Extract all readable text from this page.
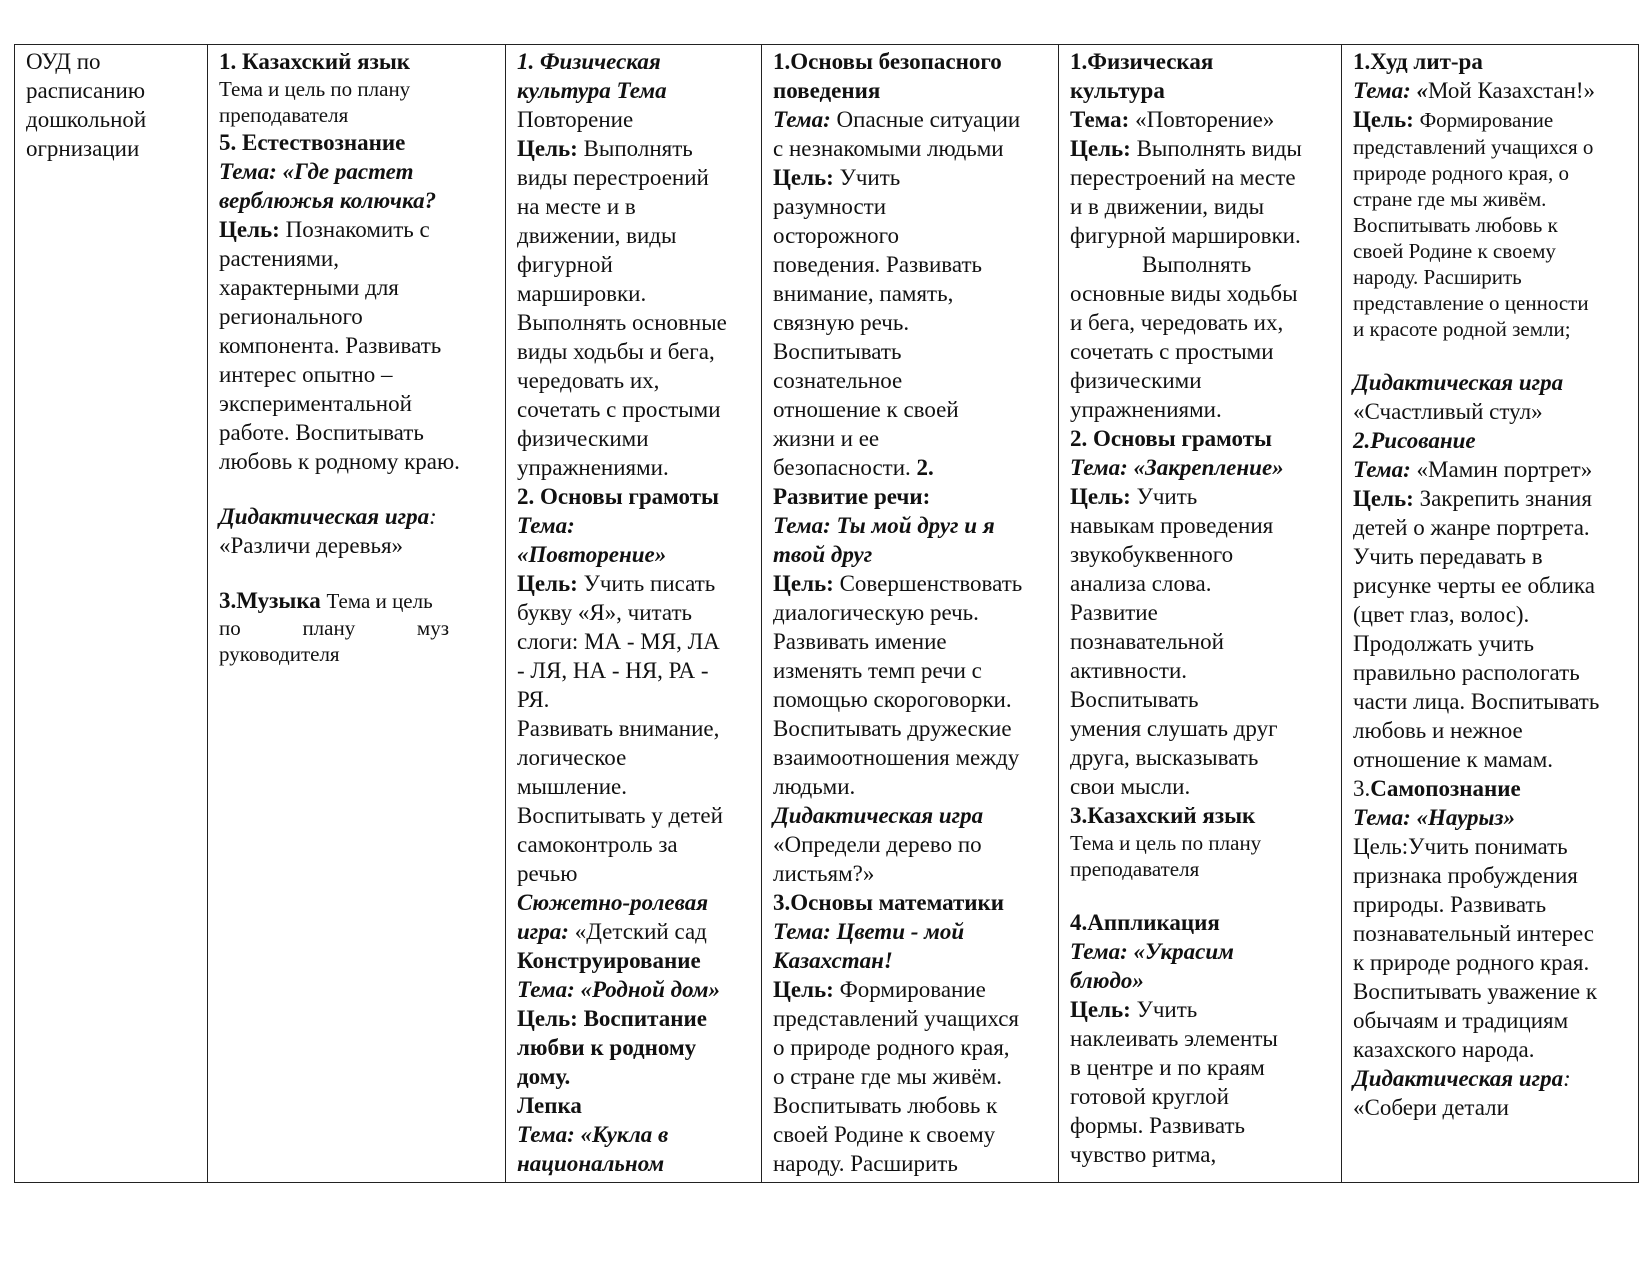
ОУД по
расписанию
дошкольной
огрнизации

1. Казахский язык
Тема и цель по плану
преподавателя
5. Естествознание
Тема: «Где растет
верблюжья колючка?
Цель: Познакомить с
растениями,
характерными для
регионального
компонента. Развивать
интерес опытно –
экспериментальной
работе. Воспитывать
любовь к родному краю.
Дидактическая игра:
«Различи деревья»
3.Музыка Тема и цель
по	плану	муз
руководителя

1. Физическая
культура Тема
Повторение
Цель: Выполнять
виды перестроений
на месте и в
движении, виды
фигурной
маршировки.
Выполнять основные
виды ходьбы и бега,
чередовать их,
сочетать с простыми
физическими
упражнениями.
2. Основы грамоты
Тема:
«Повторение»
Цель: Учить писать
букву «Я», читать
слоги: МА - МЯ, ЛА
- ЛЯ, НА - НЯ, РА -
РЯ.
Развивать внимание,
логическое
мышление.
Воспитывать у детей
самоконтроль за
речью
Сюжетно-ролевая
игра: «Детский сад
Конструирование
Тема: «Родной дом»
Цель: Воспитание
любви к родному
дому.
Лепка
Тема: «Кукла в
национальном

1.Основы безопасного
поведения
Тема: Опасные ситуации
с незнакомыми людьми
Цель: Учить
разумности
осторожного
поведения. Развивать
внимание, память,
связную речь.
Воспитывать
сознательное
отношение к своей
жизни и ее
безопасности. 2.
Развитие речи:
Тема: Ты мой друг и я
твой друг
Цель: Совершенствовать
диалогическую речь.
Развивать имение
изменять темп речи с
помощью скороговорки.
Воспитывать дружеские
взаимоотношения между
людьми.
Дидактическая игра
«Определи дерево по
листьям?»
3.Основы математики
Тема: Цвети - мой
Казахстан!
Цель: Формирование
представлений учащихся
о природе родного края,
о стране где мы живём.
Воспитывать любовь к
своей Родине к своему
народу. Расширить

1.Физическая
культура
Тема: «Повторение»
Цель: Выполнять виды
перестроений на месте
и в движении, виды
фигурной маршировки.
Выполнять
основные виды ходьбы
и бега, чередовать их,
сочетать с простыми
физическими
упражнениями.
2. Основы грамоты
Тема: «Закрепление»
Цель: Учить
навыкам проведения
звукобуквенного
анализа слова.
Развитие
познавательной
активности.
Воспитывать
умения слушать друг
друга, высказывать
свои мысли.
3.Казахский язык
Тема и цель по плану
преподавателя
4.Аппликация
Тема: «Украсим
блюдо»
Цель: Учить
наклеивать элементы
в центре и по краям
готовой круглой
формы. Развивать
чувство ритма,

1.Худ лит-ра
Тема: «Мой Казахстан!»
Цель: Формирование
представлений учащихся о
природе родного края, о
стране где мы живём.
Воспитывать любовь к
своей Родине к своему
народу. Расширить
представление о ценности
и красоте родной земли;
Дидактическая игра
«Счастливый стул»
2.Рисование
Тема: «Мамин портрет»
Цель: Закрепить знания
детей о жанре портрета.
Учить передавать в
рисунке черты ее облика
(цвет глаз, волос).
Продолжать учить
правильно распологать
части лица. Воспитывать
любовь и нежное
отношение к мамам.
3.Самопознание
Тема: «Наурыз»
Цель:Учить понимать
признака пробуждения
природы. Развивать
познавательный интерес
к природе родного края.
Воспитывать уважение к
обычаям и традициям
казахского народа.
Дидактическая игра:
«Собери детали
